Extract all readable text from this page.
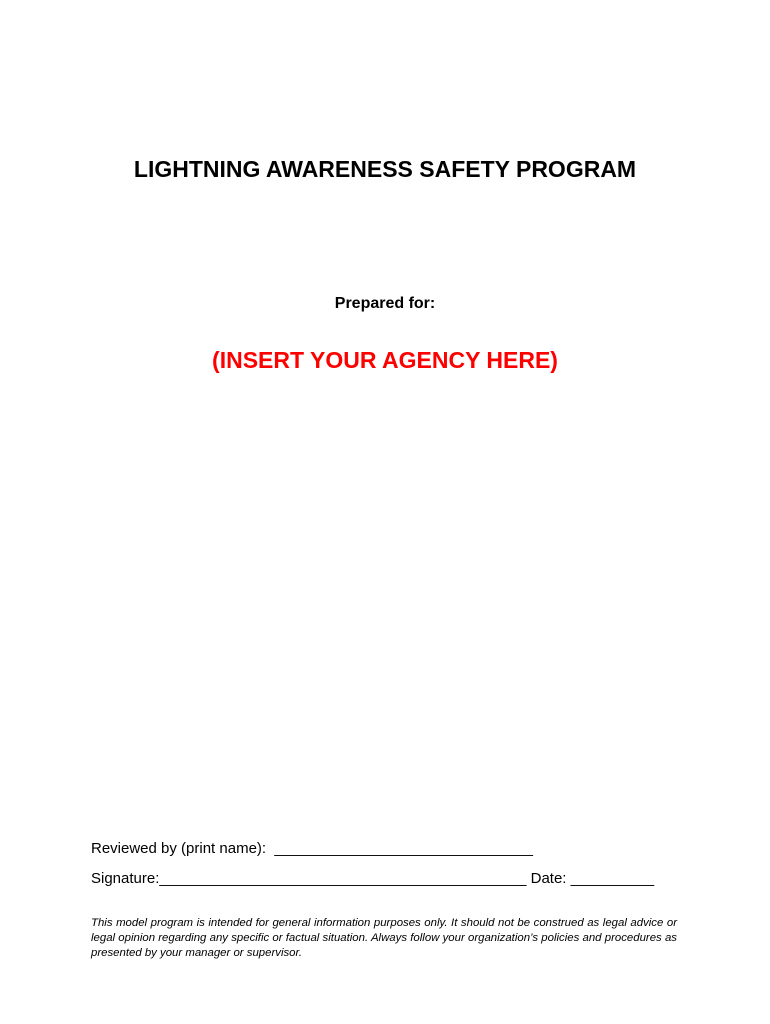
LIGHTNING AWARENESS SAFETY PROGRAM
Prepared for:
(INSERT YOUR AGENCY HERE)
Reviewed by (print name):  _______________________________
Signature:____________________________________________ Date: __________
This model program is intended for general information purposes only. It should not be construed as legal advice or legal opinion regarding any specific or factual situation. Always follow your organization’s policies and procedures as presented by your manager or supervisor.
